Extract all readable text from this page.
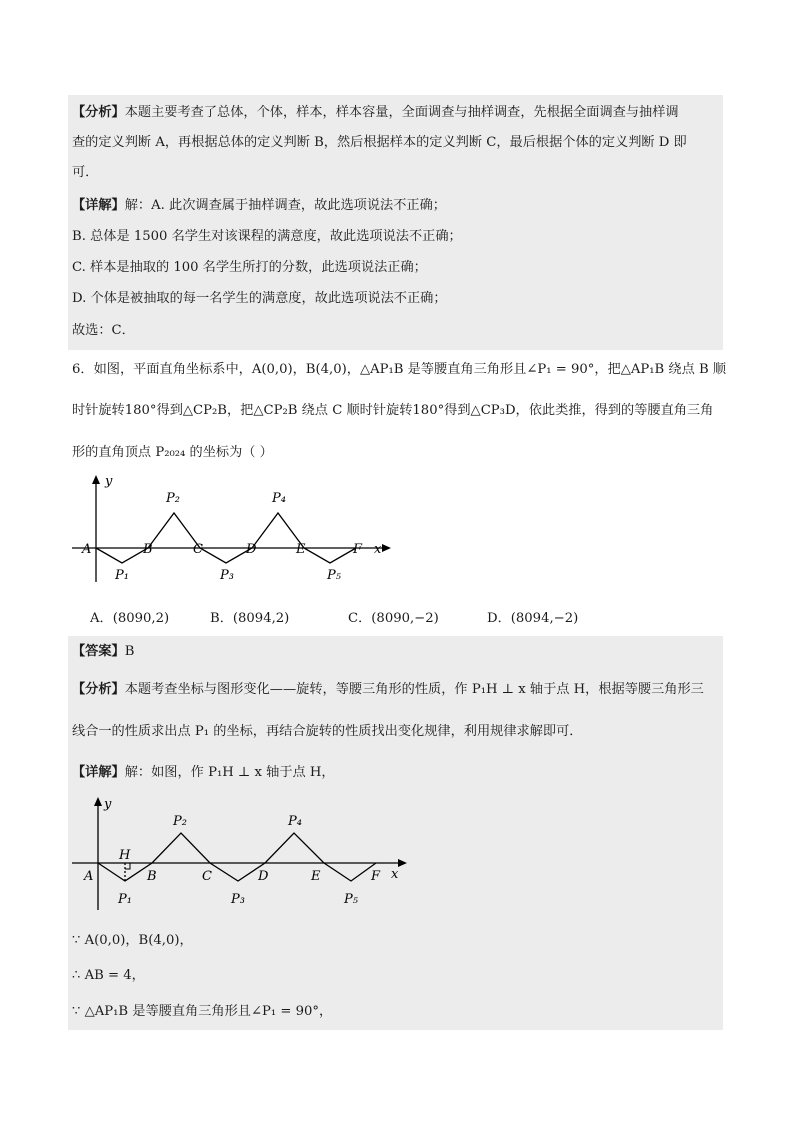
【分析】本题主要考查了总体，个体，样本，样本容量，全面调查与抽样调查，先根据全面调查与抽样调
查的定义判断 A，再根据总体的定义判断 B，然后根据样本的定义判断 C，最后根据个体的定义判断 D 即
可．
【详解】解：A. 此次调查属于抽样调查，故此选项说法不正确；
B. 总体是 1500 名学生对该课程的满意度，故此选项说法不正确；
C. 样本是抽取的 100 名学生所打的分数，此选项说法正确；
D. 个体是被抽取的每一名学生的满意度，故此选项说法不正确；
故选：C．
6．如图，平面直角坐标系中，A(0,0)，B(4,0)，△AP₁B 是等腰直角三角形且∠P₁ = 90°，把△AP₁B 绕点 B 顺
时针旋转180°得到△CP₂B，把△CP₂B 绕点 C 顺时针旋转180°得到△CP₃D，依此类推，得到的等腰直角三角
形的直角顶点 P₂₀₂₄ 的坐标为（ ）
y
x
A	B	C	D	E	F
P₂	P₄
P₁	P₃	P₅
A．(8090,2)	B．(8094,2)	C．(8090,−2)	D．(8094,−2)
【答案】B
【分析】本题考查坐标与图形变化——旋转，等腰三角形的性质，作 P₁H ⊥ x 轴于点 H，根据等腰三角形三
线合一的性质求出点 P₁ 的坐标，再结合旋转的性质找出变化规律，利用规律求解即可．
【详解】解：如图，作 P₁H ⊥ x 轴于点 H，
y
x
H
A	B	C	D	E	F
P₂	P₄
P₁	P₃	P₅
∵ A(0,0)，B(4,0)，
∴ AB = 4，
∵ △AP₁B 是等腰直角三角形且∠P₁ = 90°，
